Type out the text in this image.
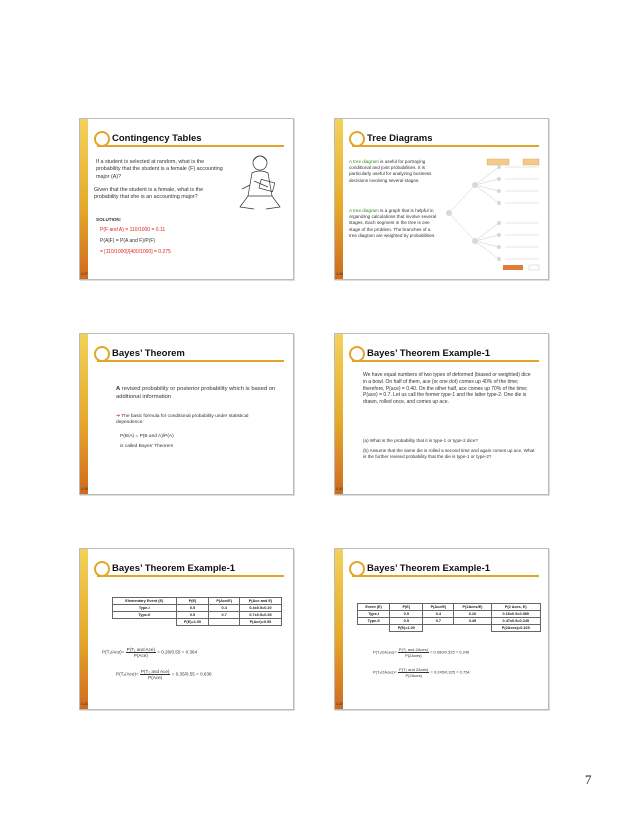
Contingency Tables
If a student is selected at random, what is the probability that the student is a female (F) accounting major (A)?
Given that the student is a female, what is the probability that she is an accounting major?
SOLUTION:
P(F and A) = 110/1000 = 0.11
P(A|F) = P(A and F)/P(F)
= [110/1000]/[400/1000] = 0.275
4-37
Tree Diagrams
A tree diagram is useful for portraying conditional and joint probabilities. It is particularly useful for analyzing business decisions involving several stages.
A tree diagram is a graph that is helpful in organizing calculations that involve several stages. Each segment in the tree is one stage of the problem. The branches of a tree diagram are weighted by probabilities.
4-38
Bayes’ Theorem
A revised probability or posterior probability which is based on additional information
➔ The basic formula for conditional probability under statistical dependence:
P(B/A) = P(B and A)/P(A)
is called Bayes’ Theorem
4-39
Bayes’ Theorem Example-1
We have equal numbers of two types of deformed (biased or weighted) dice in a bowl. On half of them, ace (or one dot) comes up 40% of the time; therefore, P(ace) = 0.40. On the other half, ace comes up 70% of the time; P(ace) = 0.7. Let us call the former type-1 and the latter type-2. One die is drawn, rolled once, and comes up ace.
(a) What is the probability that it is type-1 or type-2 dice?
(b) Assume that the same die is rolled a second time and again comes up ace. What is the further revised probability that the die is type-1 or type-2?
4-40
Bayes’ Theorem Example-1
Elementary Event (E)	P(E)	P(Ace/E)	P(Ace and E)
Type-I	0.5	0.4	0.4x0.5=0.20
Type-II	0.5	0.7	0.7x0.5=0.35
	P(E)=1.00		P(Ace)=0.55
$P(T_1/Ace)= \frac{\text{P(T₁ and Ace)}}{\text{P(Ace)}} = 0.20/0.55 = 0.364$
$P(T_2/Ace)= \frac{\text{P(T₂ and Ace)}}{\text{P(Ace)}} = 0.35/0.55 = 0.636$
4-41
Bayes’ Theorem Example-1
Event (E)	P(E)	P(Ace/E)	P(2Aces/E)	P(2 Aces, E)
Type-I	0.5	0.4	0.16	0.16x0.5=0.080
Type-II	0.5	0.7	0.49	0.47x0.5=0.245
	P(E)=1.00			P(2Aces)=0.325
P(T₁/2Aces)= $\frac{\text{P(T₁ and 2Aces)}}{\text{P(2Aces)}} = 0.080/0.325 = 0.246$
P(T₂/2Aces)= $\frac{\text{P(T₂ and 2Aces)}}{\text{P(2Aces)}} = 0.245/0.325 = 0.754$
4-42
7
